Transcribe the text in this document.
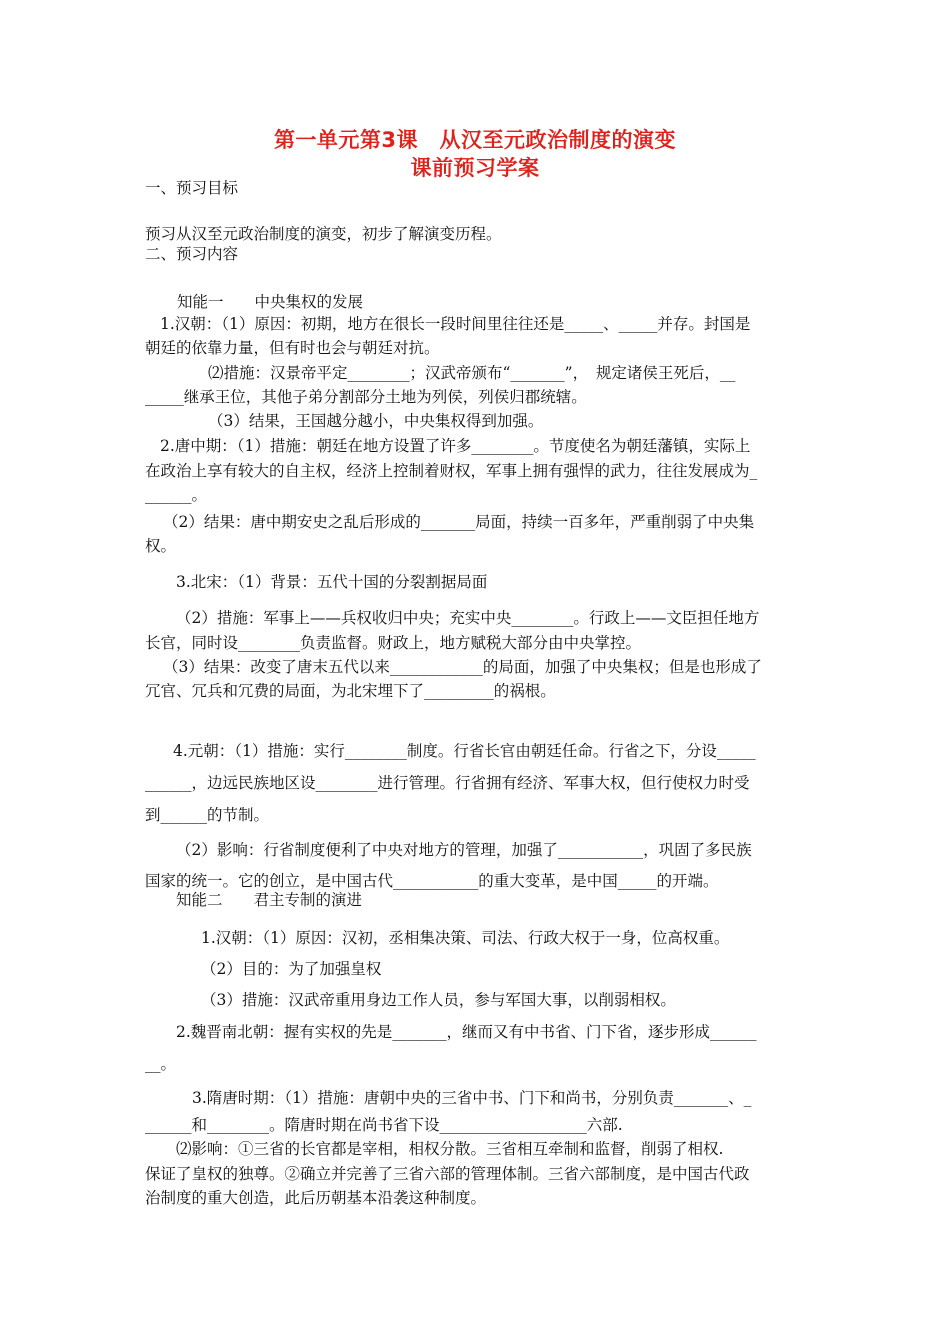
第一单元第3课　从汉至元政治制度的演变
课前预习学案

一、预习目标

预习从汉至元政治制度的演变，初步了解演变历程。

二、预习内容

知能一　　中央集权的发展

1.汉朝：（1）原因：初期，地方在很长一段时间里往往还是_____、_____并存。封国是

朝廷的依靠力量，但有时也会与朝廷对抗。

⑵措施：汉景帝平定________；汉武帝颁布“_______”，　规定诸侯王死后，__

_____继承王位，其他子弟分割部分土地为列侯，列侯归郡统辖。

（3）结果，王国越分越小，中央集权得到加强。

2.唐中期：（1）措施：朝廷在地方设置了许多________。节度使名为朝廷藩镇，实际上

在政治上享有较大的自主权，经济上控制着财权，军事上拥有强悍的武力，往往发展成为_

______。

（2）结果：唐中期安史之乱后形成的_______局面，持续一百多年，严重削弱了中央集

权。

3.北宋：（1）背景：五代十国的分裂割据局面

（2）措施：军事上——兵权收归中央；充实中央________。行政上——文臣担任地方

长官，同时设________负责监督。财政上，地方赋税大部分由中央掌控。

（3）结果：改变了唐末五代以来____________的局面，加强了中央集权；但是也形成了

冗官、冗兵和冗费的局面，为北宋埋下了_________的祸根。

4.元朝：（1）措施：实行________制度。行省长官由朝廷任命。行省之下，分设_____

______，边远民族地区设________进行管理。行省拥有经济、军事大权，但行使权力时受

到______的节制。

（2）影响：行省制度便利了中央对地方的管理，加强了___________，巩固了多民族

国家的统一。它的创立，是中国古代___________的重大变革，是中国_____的开端。

知能二　　君主专制的演进

1.汉朝：（1）原因：汉初，丞相集决策、司法、行政大权于一身，位高权重。

（2）目的：为了加强皇权

（3）措施：汉武帝重用身边工作人员，参与军国大事，以削弱相权。

2.魏晋南北朝：握有实权的先是_______，继而又有中书省、门下省，逐步形成______

__。

3.隋唐时期：（1）措施：唐朝中央的三省中书、门下和尚书，分别负责_______、_

______和________。隋唐时期在尚书省下设___________________六部.

⑵影响：①三省的长官都是宰相，相权分散。三省相互牵制和监督，削弱了相权.

保证了皇权的独尊。②确立并完善了三省六部的管理体制。三省六部制度，是中国古代政

治制度的重大创造，此后历朝基本沿袭这种制度。
